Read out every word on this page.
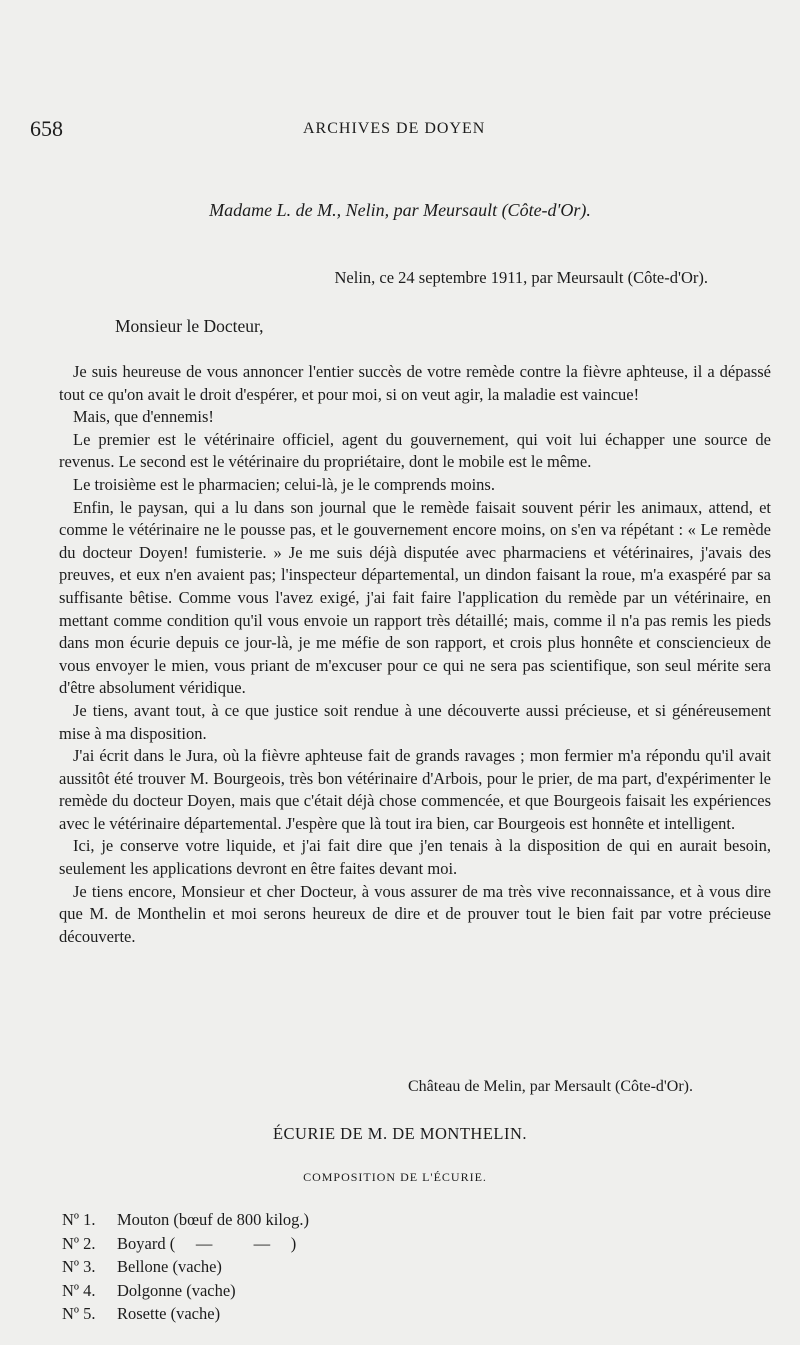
658	ARCHIVES DE DOYEN
Madame L. de M., Nelin, par Meursault (Côte-d'Or).
Nelin, ce 24 septembre 1911, par Meursault (Côte-d'Or).
Monsieur le Docteur,

Je suis heureuse de vous annoncer l'entier succès de votre remède contre la fièvre aphteuse, il a dépassé tout ce qu'on avait le droit d'espérer, et pour moi, si on veut agir, la maladie est vaincue!

Mais, que d'ennemis!

Le premier est le vétérinaire officiel, agent du gouvernement, qui voit lui échapper une source de revenus. Le second est le vétérinaire du propriétaire, dont le mobile est le même.

Le troisième est le pharmacien; celui-là, je le comprends moins.

Enfin, le paysan, qui a lu dans son journal que le remède faisait souvent périr les animaux, attend, et comme le vétérinaire ne le pousse pas, et le gouvernement encore moins, on s'en va répétant : « Le remède du docteur Doyen! fumisterie. » Je me suis déjà disputée avec pharmaciens et vétérinaires, j'avais des preuves, et eux n'en avaient pas; l'inspecteur départemental, un dindon faisant la roue, m'a exaspéré par sa suffisante bêtise. Comme vous l'avez exigé, j'ai fait faire l'application du remède par un vétérinaire, en mettant comme condition qu'il vous envoie un rapport très détaillé; mais, comme il n'a pas remis les pieds dans mon écurie depuis ce jour-là, je me méfie de son rapport, et crois plus honnête et consciencieux de vous envoyer le mien, vous priant de m'excuser pour ce qui ne sera pas scientifique, son seul mérite sera d'être absolument véridique.

Je tiens, avant tout, à ce que justice soit rendue à une découverte aussi précieuse, et si généreusement mise à ma disposition.

J'ai écrit dans le Jura, où la fièvre aphteuse fait de grands ravages ; mon fermier m'a répondu qu'il avait aussitôt été trouver M. Bourgeois, très bon vétérinaire d'Arbois, pour le prier, de ma part, d'expérimenter le remède du docteur Doyen, mais que c'était déjà chose commencée, et que Bourgeois faisait les expériences avec le vétérinaire départemental. J'espère que là tout ira bien, car Bourgeois est honnête et intelligent.

Ici, je conserve votre liquide, et j'ai fait dire que j'en tenais à la disposition de qui en aurait besoin, seulement les applications devront en être faites devant moi.

Je tiens encore, Monsieur et cher Docteur, à vous assurer de ma très vive reconnaissance, et à vous dire que M. de Monthelin et moi serons heureux de dire et de prouver tout le bien fait par votre précieuse découverte.

Château de Melin, par Mersault (Côte-d'Or).
ÉCURIE DE M. DE MONTHELIN.
COMPOSITION DE L'ÉCURIE.
Nº 1. Mouton (bœuf de 800 kilog.)
Nº 2. Boyard (     —          —     )
Nº 3. Bellone (vache)
Nº 4. Dolgonne (vache)
Nº 5. Rosette (vache)
